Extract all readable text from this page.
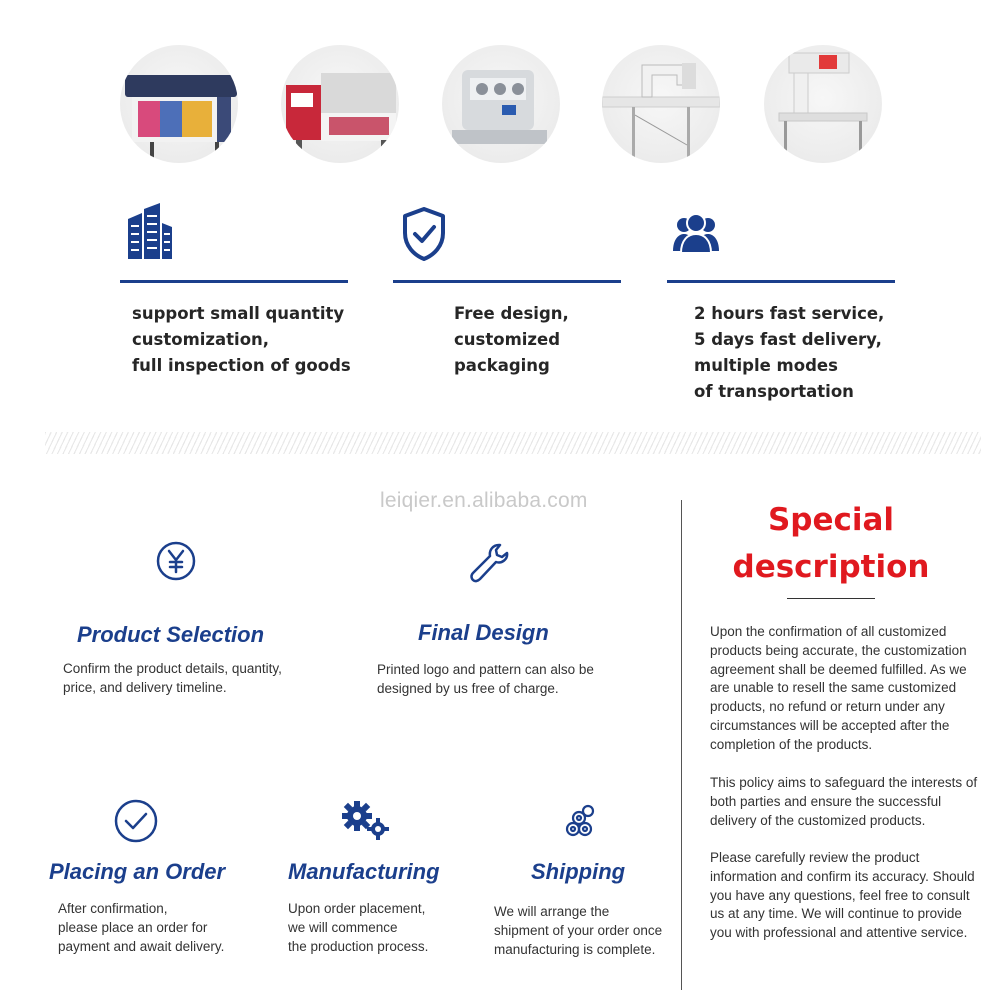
support small quantity
customization,
full inspection of goods
Free design,
customized
packaging
2 hours fast service,
5 days fast delivery,
multiple modes
of transportation
leiqier.en.alibaba.com
Product Selection
Confirm the product details, quantity,
price, and delivery timeline.
Final Design
Printed logo and pattern can also be
designed by us free of charge.
Placing an Order
After confirmation,
please place an order for
payment and await delivery.
Manufacturing
Upon order placement,
we will commence
the production process.
Shipping
We will arrange the
shipment of your order once
manufacturing is complete.
Special
description
Upon the confirmation of all customized products being accurate, the customization agreement shall be deemed fulfilled. As we are unable to resell the same customized products, no refund or return under any circumstances will be accepted after the completion of the products.
This policy aims to safeguard the interests of both parties and ensure the successful delivery of the customized products.
Please carefully review the product information and confirm its accuracy. Should you have any questions, feel free to consult us at any time. We will continue to provide you with professional and attentive service.
